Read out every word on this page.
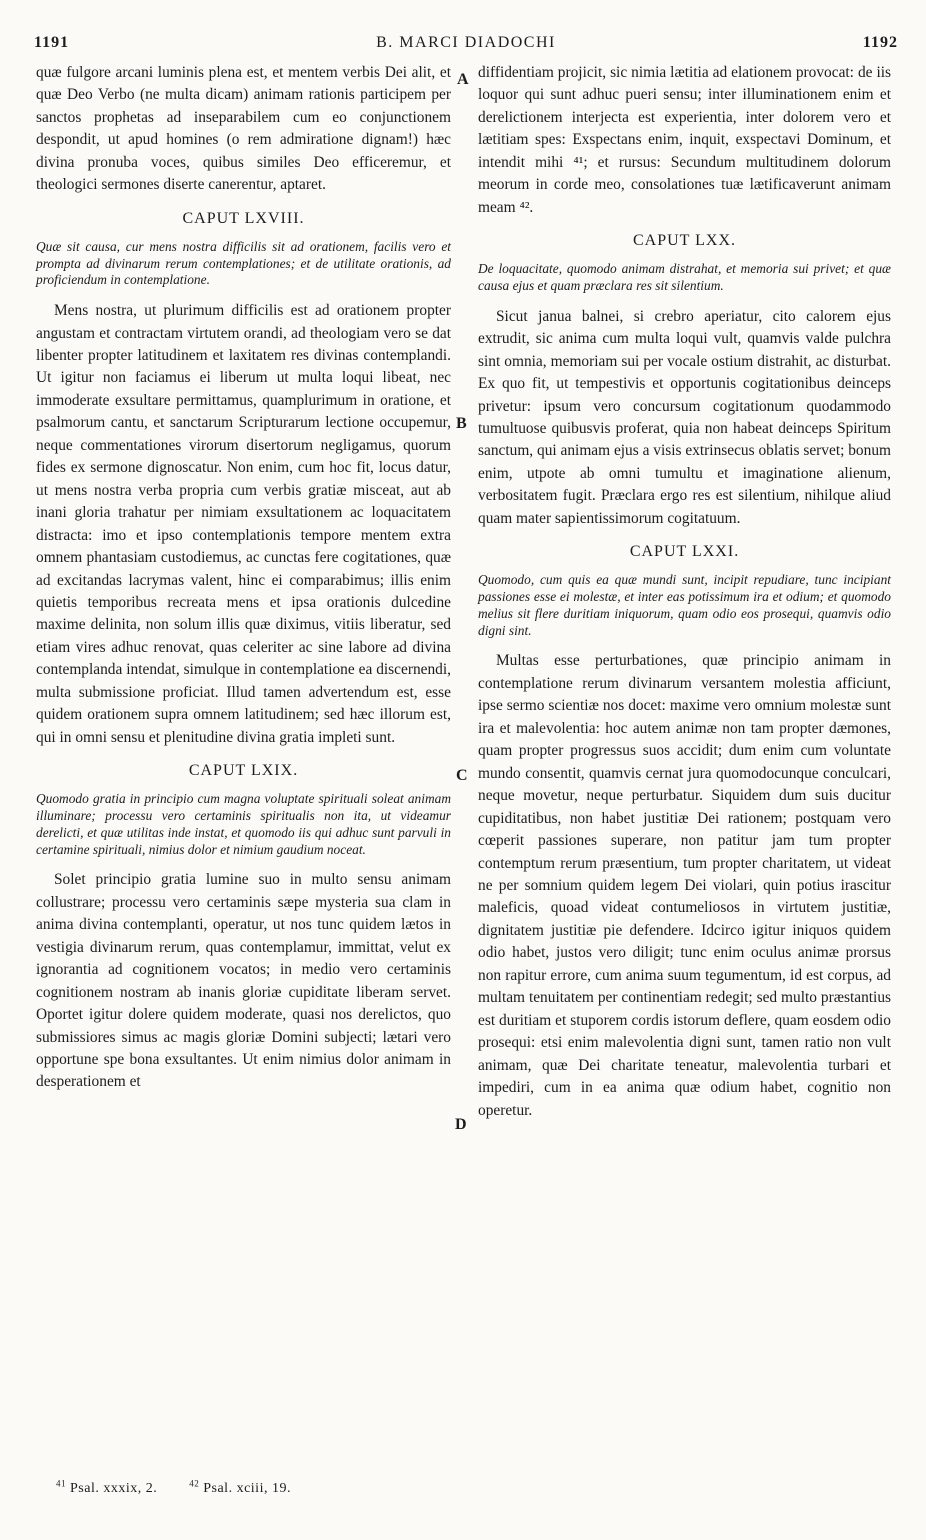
1191	B. MARCI DIADOCHI	1192
A
B
C
D

quæ fulgore arcani luminis plena est, et mentem verbis Dei alit, et quæ Deo Verbo (ne multa dicam) animam rationis participem per sanctos prophetas ad inseparabilem cum eo conjunctionem despondit, ut apud homines (o rem admiratione dignam!) hæc divina pronuba voces, quibus similes Deo efficeremur, et theologici sermones diserte canerentur, aptaret.

CAPUT LXVIII.

Quæ sit causa, cur mens nostra difficilis sit ad orationem, facilis vero et prompta ad divinarum rerum contemplationes; et de utilitate orationis, ad proficiendum in contemplatione.

Mens nostra, ut plurimum difficilis est ad orationem propter angustam et contractam virtutem orandi, ad theologiam vero se dat libenter propter latitudinem et laxitatem res divinas contemplandi. Ut igitur non faciamus ei liberum ut multa loqui libeat, nec immoderate exsultare permittamus, quamplurimum in oratione, et psalmorum cantu, et sanctarum Scripturarum lectione occupemur, neque commentationes virorum disertorum negligamus, quorum fides ex sermone dignoscatur. Non enim, cum hoc fit, locus datur, ut mens nostra verba propria cum verbis gratiæ misceat, aut ab inani gloria trahatur per nimiam exsultationem ac loquacitatem distracta: imo et ipso contemplationis tempore mentem extra omnem phantasiam custodiemus, ac cunctas fere cogitationes, quæ ad excitandas lacrymas valent, hinc ei comparabimus; illis enim quietis temporibus recreata mens et ipsa orationis dulcedine maxime delinita, non solum illis quæ diximus, vitiis liberatur, sed etiam vires adhuc renovat, quas celeriter ac sine labore ad divina contemplanda intendat, simulque in contemplatione ea discernendi, multa submissione proficiat. Illud tamen advertendum est, esse quidem orationem supra omnem latitudinem; sed hæc illorum est, qui in omni sensu et plenitudine divina gratia impleti sunt.

CAPUT LXIX.

Quomodo gratia in principio cum magna voluptate spirituali soleat animam illuminare; processu vero certaminis spiritualis non ita, ut videamur derelicti, et quæ utilitas inde instat, et quomodo iis qui adhuc sunt parvuli in certamine spirituali, nimius dolor et nimium gaudium noceat.

Solet principio gratia lumine suo in multo sensu animam collustrare; processu vero certaminis sæpe mysteria sua clam in anima divina contemplanti, operatur, ut nos tunc quidem lætos in vestigia divinarum rerum, quas contemplamur, immittat, velut ex ignorantia ad cognitionem vocatos; in medio vero certaminis cognitionem nostram ab inanis gloriæ cupiditate liberam servet. Oportet igitur dolere quidem moderate, quasi nos derelictos, quo submissiores simus ac magis gloriæ Domini subjecti; lætari vero opportune spe bona exsultantes. Ut enim nimius dolor animam in desperationem et

diffidentiam projicit, sic nimia lætitia ad elationem provocat: de iis loquor qui sunt adhuc pueri sensu; inter illuminationem enim et derelictionem interjecta est experientia, inter dolorem vero et lætitiam spes: Exspectans enim, inquit, exspectavi Dominum, et intendit mihi ⁴¹; et rursus: Secundum multitudinem dolorum meorum in corde meo, consolationes tuæ lætificaverunt animam meam ⁴².

CAPUT LXX.

De loquacitate, quomodo animam distrahat, et memoria sui privet; et quæ causa ejus et quam præclara res sit silentium.

Sicut janua balnei, si crebro aperiatur, cito calorem ejus extrudit, sic anima cum multa loqui vult, quamvis valde pulchra sint omnia, memoriam sui per vocale ostium distrahit, ac disturbat. Ex quo fit, ut tempestivis et opportunis cogitationibus deinceps privetur: ipsum vero concursum cogitationum quodammodo tumultuose quibusvis proferat, quia non habeat deinceps Spiritum sanctum, qui animam ejus a visis extrinsecus oblatis servet; bonum enim, utpote ab omni tumultu et imaginatione alienum, verbositatem fugit. Præclara ergo res est silentium, nihilque aliud quam mater sapientissimorum cogitatuum.

CAPUT LXXI.

Quomodo, cum quis ea quæ mundi sunt, incipit repudiare, tunc incipiant passiones esse ei molestæ, et inter eas potissimum ira et odium; et quomodo melius sit flere duritiam iniquorum, quam odio eos prosequi, quamvis odio digni sint.

Multas esse perturbationes, quæ principio animam in contemplatione rerum divinarum versantem molestia afficiunt, ipse sermo scientiæ nos docet: maxime vero omnium molestæ sunt ira et malevolentia: hoc autem animæ non tam propter dæmones, quam propter progressus suos accidit; dum enim cum voluntate mundo consentit, quamvis cernat jura quomodocunque conculcari, neque movetur, neque perturbatur. Siquidem dum suis ducitur cupiditatibus, non habet justitiæ Dei rationem; postquam vero cœperit passiones superare, non patitur jam tum propter contemptum rerum præsentium, tum propter charitatem, ut videat ne per somnium quidem legem Dei violari, quin potius irascitur maleficis, quoad videat contumeliosos in virtutem justitiæ, dignitatem justitiæ pie defendere. Idcirco igitur iniquos quidem odio habet, justos vero diligit; tunc enim oculus animæ prorsus non rapitur errore, cum anima suum tegumentum, id est corpus, ad multam tenuitatem per continentiam redegit; sed multo præstantius est duritiam et stuporem cordis istorum deflere, quam eosdem odio prosequi: etsi enim malevolentia digni sunt, tamen ratio non vult animam, quæ Dei charitate teneatur, malevolentia turbari et impediri, cum in ea anima quæ odium habet, cognitio non operetur.

$^{41}$ Psal. xxxix, 2.	$^{42}$ Psal. xciii, 19.
